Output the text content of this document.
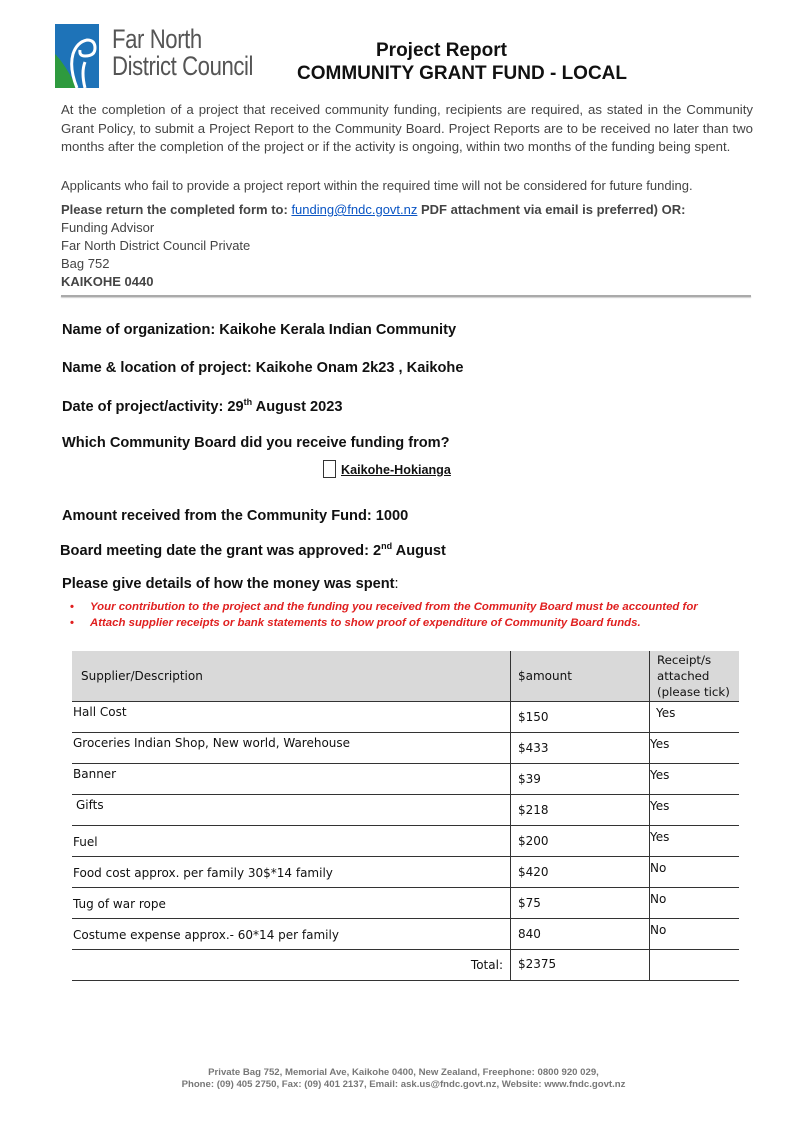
Far North
District Council
Project Report
COMMUNITY GRANT FUND - LOCAL
At the completion of a project that received community funding, recipients are required, as stated in the Community Grant Policy, to submit a Project Report to the Community Board. Project Reports are to be received no later than two months after the completion of the project or if the activity is ongoing, within two months of the funding being spent.
Applicants who fail to provide a project report within the required time will not be considered for future funding.
Please return the completed form to: funding@fndc.govt.nz PDF attachment via email is preferred) OR:
Funding Advisor
Far North District Council Private
Bag 752
KAIKOHE 0440
Name of organization: Kaikohe Kerala Indian Community
Name & location of project: Kaikohe Onam 2k23 , Kaikohe
Date of project/activity: 29th August 2023
Which Community Board did you receive funding from?
Kaikohe-Hokianga
Amount received from the Community Fund: 1000
Board meeting date the grant was approved: 2nd August
Please give details of how the money was spent:
• Your contribution to the project and the funding you received from the Community Board must be accounted for
• Attach supplier receipts or bank statements to show proof of expenditure of Community Board funds.
Supplier/Description	$amount	Receipt/s
attached
(please tick)

Hall Cost	$150	Yes

Groceries Indian Shop, New world, Warehouse	$433	Yes

Banner	$39	Yes

Gifts	$218	Yes

Fuel	$200	Yes

Food cost approx. per family 30$*14 family	$420	No

Tug of war rope	$75	No

Costume expense approx.- 60*14 per family	840	No

Total:	$2375	

Private Bag 752, Memorial Ave, Kaikohe 0400, New Zealand, Freephone: 0800 920 029,
Phone: (09) 405 2750, Fax: (09) 401 2137, Email: ask.us@fndc.govt.nz, Website: www.fndc.govt.nz
